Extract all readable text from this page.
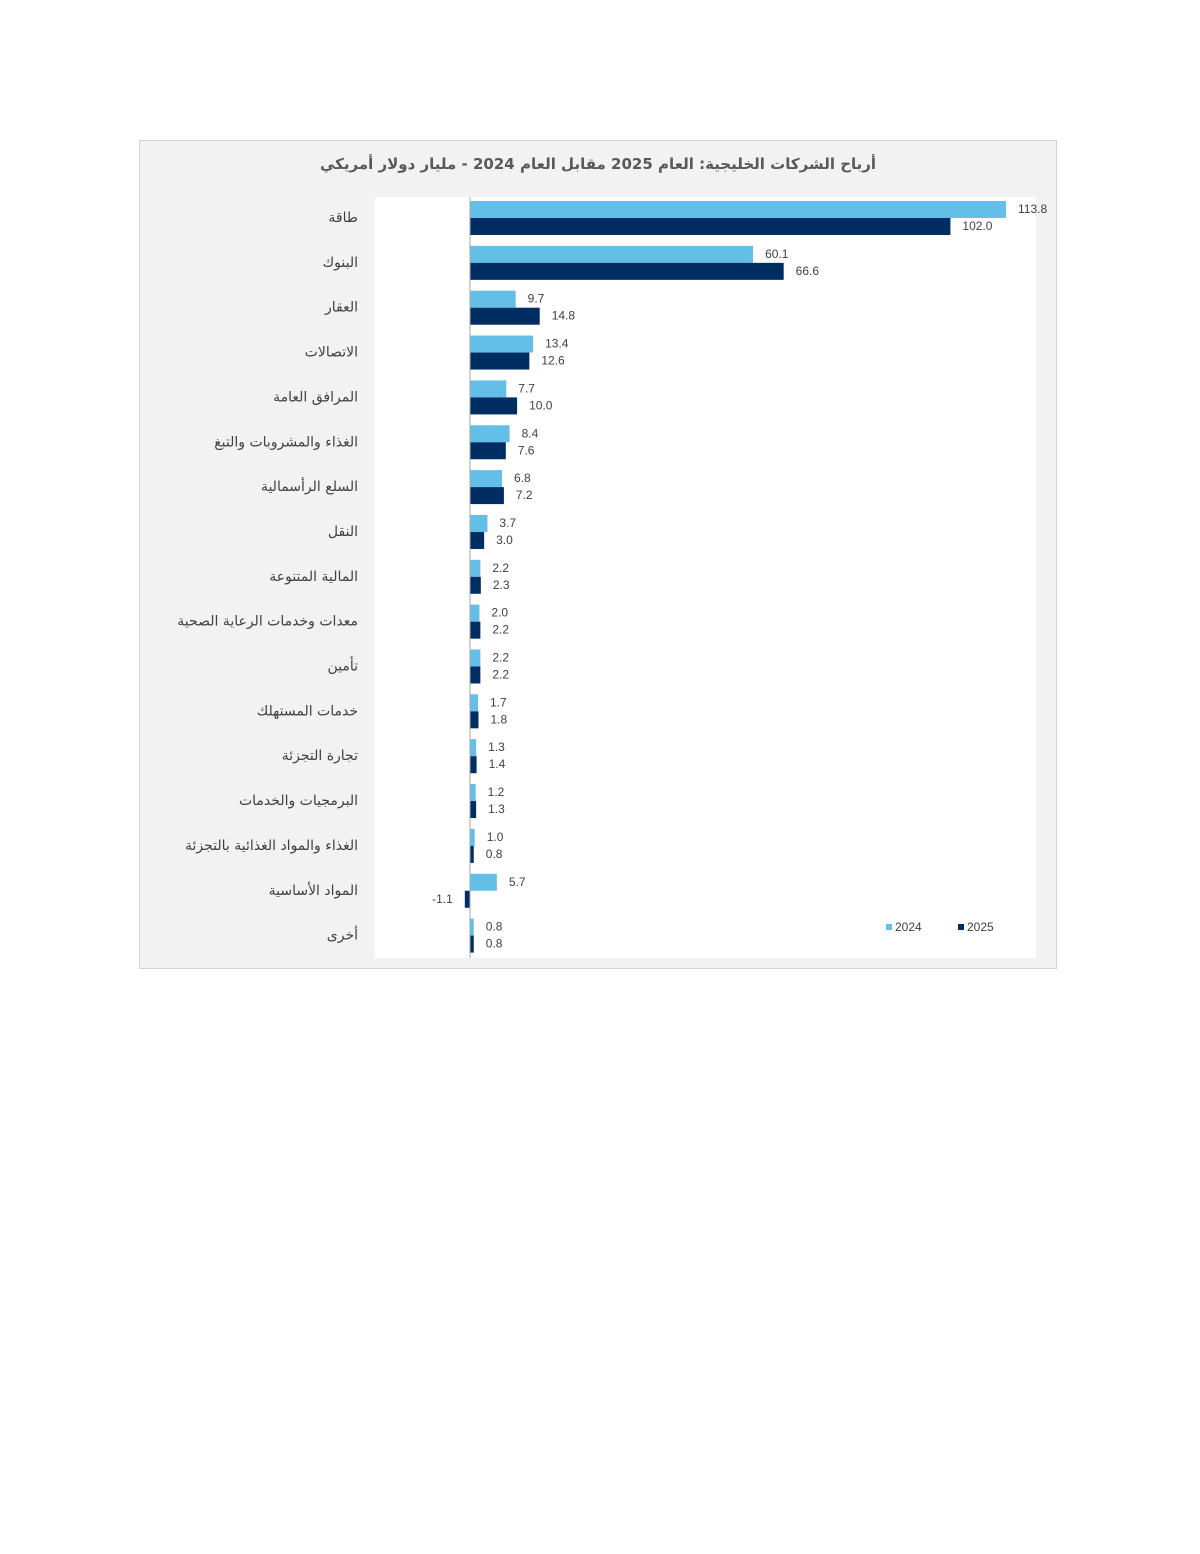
أرباح الشركات الخليجية: العام 2025 مقابل العام 2024 - مليار دولار أمريكي
طاقة
113.8
102.0
البنوك
60.1
66.6
العقار
9.7
14.8
الاتصالات
13.4
12.6
المرافق العامة
7.7
10.0
الغذاء والمشروبات والتبغ
8.4
7.6
السلع الرأسمالية
6.8
7.2
النقل
3.7
3.0
المالية المتنوعة
2.2
2.3
معدات وخدمات الرعاية الصحية
2.0
2.2
تأمين
2.2
2.2
خدمات المستهلك
1.7
1.8
تجارة التجزئة
1.3
1.4
البرمجيات والخدمات
1.2
1.3
الغذاء والمواد الغذائية بالتجزئة
1.0
0.8
المواد الأساسية
5.7
-1.1
أخرى
0.8
0.8
2024	2025
